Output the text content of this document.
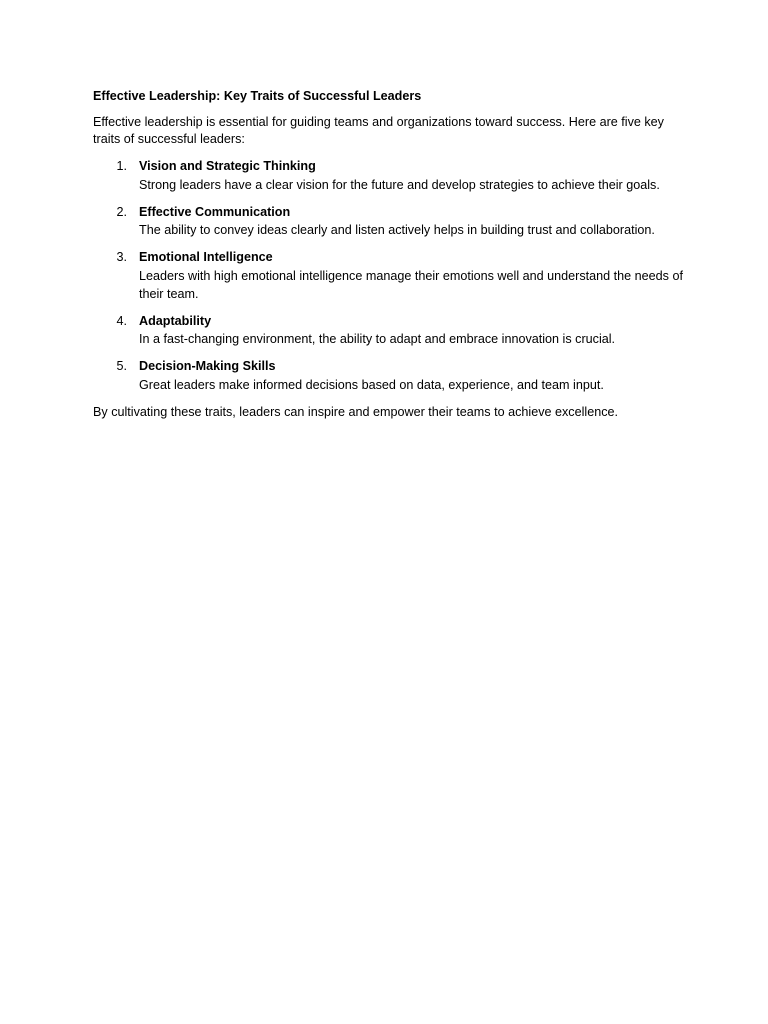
Effective Leadership: Key Traits of Successful Leaders

Effective leadership is essential for guiding teams and organizations toward success. Here are five key traits of successful leaders:

1. Vision and Strategic Thinking
Strong leaders have a clear vision for the future and develop strategies to achieve their goals.
2. Effective Communication
The ability to convey ideas clearly and listen actively helps in building trust and collaboration.
3. Emotional Intelligence
Leaders with high emotional intelligence manage their emotions well and understand the needs of their team.
4. Adaptability
In a fast-changing environment, the ability to adapt and embrace innovation is crucial.
5. Decision-Making Skills
Great leaders make informed decisions based on data, experience, and team input.

By cultivating these traits, leaders can inspire and empower their teams to achieve excellence.
